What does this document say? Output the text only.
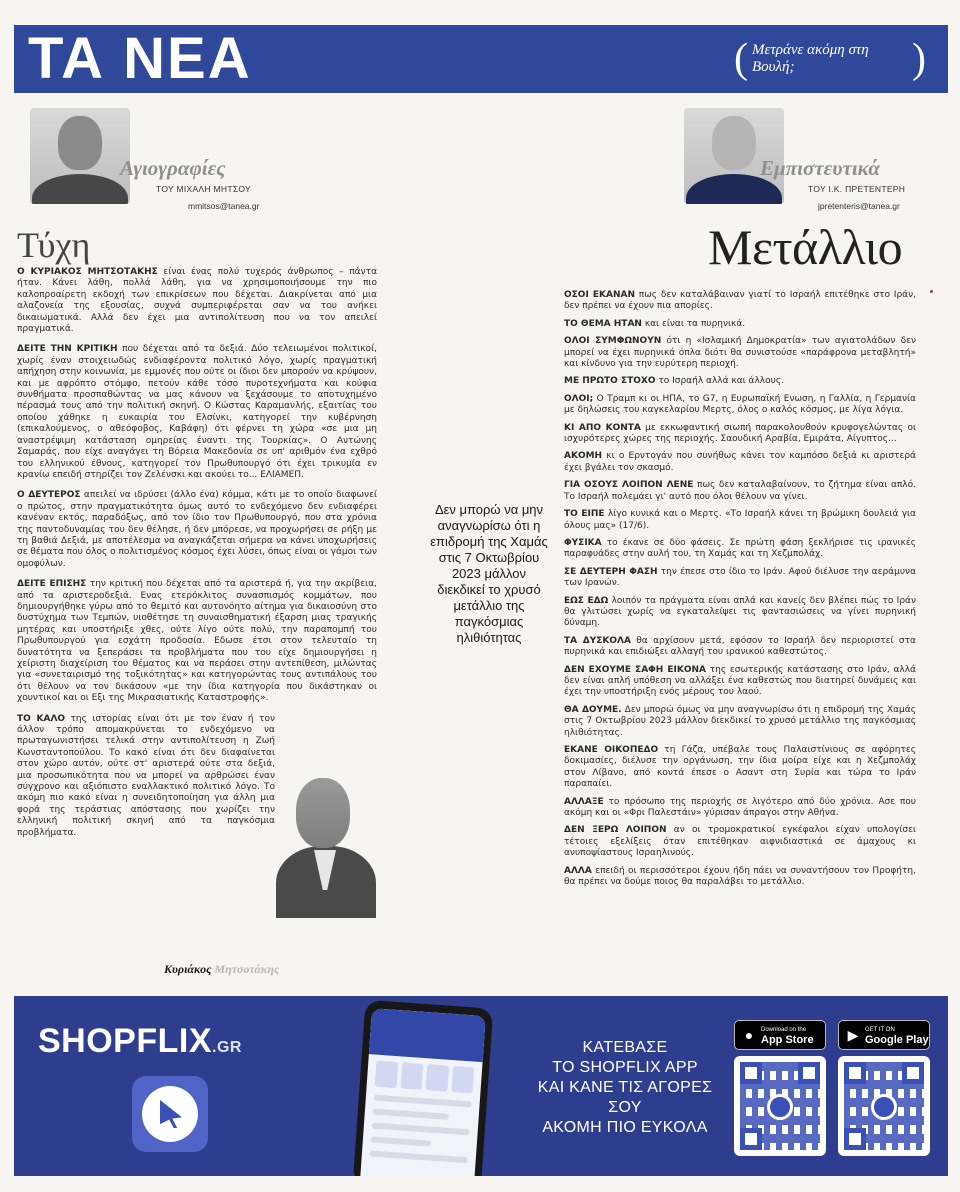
ΤΑ ΝΕΑ	( Μετράνε ακόμη στη Βουλή;	)
Αγιογραφίες
ΤΟΥ ΜΙΧΑΛΗ ΜΗΤΣΟΥ
mmitsos@tanea.gr
Τύχη

Ο ΚΥΡΙΑΚΟΣ ΜΗΤΣΟΤΑΚΗΣ είναι ένας πολύ τυχερός άνθρωπος – πάντα ήταν. Κάνει λάθη, πολλά λάθη, για να χρησιμοποιήσουμε την πιο καλοπροαίρετη εκδοχή των επικρίσεων που δέχεται. Διακρίνεται από μια αλαζονεία της εξουσίας, συχνά συμπεριφέρεται σαν να του ανήκει δικαιωματικά. Αλλά δεν έχει μια αντιπολίτευση που να τον απειλεί πραγματικά.

ΔΕΙΤΕ ΤΗΝ ΚΡΙΤΙΚΗ που δέχεται από τα δεξιά. Δύο τελειωμένοι πολιτικοί, χωρίς έναν στοιχειωδώς ενδιαφέροντα πολιτικό λόγο, χωρίς πραγματική απήχηση στην κοινωνία, με εμμονές που ούτε οι ίδιοι δεν μπορούν να κρύψουν, και με αφρόπτο στόμφο, πετούν κάθε τόσο πυροτεχνήματα και κούφια συνθήματα προσπαθώντας να μας κάνουν να ξεχάσουμε το αποτυχημένο πέρασμά τους από την πολιτική σκηνή. Ο Κώστας Καραμανλής, εξαιτίας του οποίου χάθηκε η ευκαιρία του Ελσίνκι, κατηγορεί την κυβέρνηση (επικαλούμενος, ο αθεόφοβος, Καβάφη) ότι φέρνει τη χώρα «σε μια μη αναστρέψιμη κατάσταση ομηρείας έναντι της Τουρκίας». Ο Αντώνης Σαμαράς, που είχε αναγάγει τη Βόρεια Μακεδονία σε υπ' αριθμόν ένα εχθρό του ελληνικού έθνους, κατηγορεί τον Πρωθυπουργό ότι έχει τρικυμία εν κρανίω επειδή στηρίζει τον Ζελένσκι και ακούει το... ΕΛΙΑΜΕΠ.

Ο ΔΕΥΤΕΡΟΣ απειλεί να ιδρύσει (άλλο ένα) κόμμα, κάτι με το οποίο διαφωνεί ο πρώτος, στην πραγματικότητα όμως αυτό το ενδεχόμενο δεν ενδιαφέρει κανέναν εκτός, παραδόξως, από τον ίδιο τον Πρωθυπουργό, που στα χρόνια της παντοδυναμίας του δεν θέλησε, ή δεν μπόρεσε, να προχωρήσει σε ρήξη με τη βαθιά Δεξιά, με αποτέλεσμα να αναγκάζεται σήμερα να κάνει υποχωρήσεις σε θέματα που όλος ο πολιτισμένος κόσμος έχει λύσει, όπως είναι οι γάμοι των ομοφύλων.

ΔΕΙΤΕ ΕΠΙΣΗΣ την κριτική που δέχεται από τα αριστερά ή, για την ακρίβεια, από τα αριστεροδεξιά. Ενας ετερόκλιτος συνασπισμός κομμάτων, που δημιουργήθηκε γύρω από το θεμιτό και αυτονόητο αίτημα για δικαιοσύνη στο δυστύχημα των Τεμπών, υιοθέτησε τη συναισθηματική έξαρση μιας τραγικής μητέρας και υποστήριξε χθες, ούτε λίγο ούτε πολύ, την παραπομπή του Πρωθυπουργού για εσχάτη προδοσία. Εδωσε έτσι στον τελευταίο τη δυνατότητα να ξεπεράσει τα προβλήματα που του είχε δημιουργήσει η χείριστη διαχείριση του θέματος και να περάσει στην αντεπίθεση, μιλώντας για «συνεταιρισμό της τοξικότητας» και κατηγορώντας τους αντιπάλους του ότι θέλουν να τον δικάσουν «με την ίδια κατηγορία που δικάστηκαν οι χουντικοί και οι Εξι της Μικρασιατικής Καταστροφής».

ΤΟ ΚΑΛΟ της ιστορίας είναι ότι με τον έναν ή τον άλλον τρόπο απομακρύνεται το ενδεχόμενο να πρωταγωνιστήσει τελικά στην αντιπολίτευση η Ζωή Κωνσταντοπούλου. Το κακό είναι ότι δεν διαφαίνεται στον χώρο αυτόν, ούτε στ' αριστερά ούτε στα δεξιά, μια προσωπικότητα που να μπορεί να αρθρώσει έναν σύγχρονο και αξιόπιστο εναλλακτικό πολιτικό λόγο. Το ακόμη πιο κακό είναι η συνειδητοποίηση για άλλη μια φορά της τεράστιας απόστασης που χωρίζει την ελληνική πολιτική σκηνή από τα παγκόσμια προβλήματα.

Κυριάκος Μητσοτάκης
Δεν μπορώ να μην αναγνωρίσω ότι η επιδρομή της Χαμάς στις 7 Οκτωβρίου 2023 μάλλον διεκδικεί το χρυσό μετάλλιο της παγκόσμιας ηλιθιότητας
Εμπιστευτικά
ΤΟΥ Ι.Κ. ΠΡΕΤΕΝΤΕΡΗ
jpretenteris@tanea.gr
Μετάλλιο

ΟΣΟΙ ΕΚΑΝΑΝ πως δεν καταλάβαιναν γιατί το Ισραήλ επιτέθηκε στο Ιράν, δεν πρέπει να έχουν πια απορίες.

ΤΟ ΘΕΜΑ ΗΤΑΝ και είναι τα πυρηνικά.

ΟΛΟΙ ΣΥΜΦΩΝΟΥΝ ότι η «Ισλαμική Δημοκρατία» των αγιατολάδων δεν μπορεί να έχει πυρηνικά όπλα διότι θα συνιστούσε «παράφρονα μεταβλητή» και κίνδυνο για την ευρύτερη περιοχή.

ΜΕ ΠΡΩΤΟ ΣΤΟΧΟ το Ισραήλ αλλά και άλλους.

ΟΛΟΙ; Ο Τραμπ κι οι ΗΠΑ, το G7, η Ευρωπαϊκή Ενωση, η Γαλλία, η Γερμανία με δηλώσεις του καγκελαρίου Μερτς, όλος ο καλός κόσμος, με λίγα λόγια.

ΚΙ ΑΠΟ ΚΟΝΤΑ με εκκωφαντική σιωπή παρακολουθούν κρυφογελώντας οι ισχυρότερες χώρες της περιοχής. Σαουδική Αραβία, Εμιράτα, Αίγυπτος...

ΑΚΟΜΗ κι ο Ερντογάν που συνήθως κάνει τον καμπόσο δεξιά κι αριστερά έχει βγάλει τον σκασμό.

ΓΙΑ ΟΣΟΥΣ ΛΟΙΠΟΝ ΛΕΝΕ πως δεν καταλαβαίνουν, το ζήτημα είναι απλό. Το Ισραήλ πολεμάει γι' αυτό που όλοι θέλουν να γίνει.

ΤΟ ΕΙΠΕ λίγο κυνικά και ο Μερτς. «Το Ισραήλ κάνει τη βρώμικη δουλειά για όλους μας» (17/6).

ΦΥΣΙΚΑ το έκανε σε δύο φάσεις. Σε πρώτη φάση ξεκλήρισε τις ιρανικές παραφυάδες στην αυλή του, τη Χαμάς και τη Χεζμπολάχ.

ΣΕ ΔΕΥΤΕΡΗ ΦΑΣΗ την έπεσε στο ίδιο το Ιράν. Αφού διέλυσε την αεράμυνα των Ιρανών.

ΕΩΣ ΕΔΩ λοιπόν τα πράγματα είναι απλά και κανείς δεν βλέπει πώς το Ιράν θα γλιτώσει χωρίς να εγκαταλείψει τις φαντασιώσεις να γίνει πυρηνική δύναμη.

ΤΑ ΔΥΣΚΟΛΑ θα αρχίσουν μετά, εφόσον το Ισραήλ δεν περιοριστεί στα πυρηνικά και επιδιώξει αλλαγή του ιρανικού καθεστώτος.

ΔΕΝ ΕΧΟΥΜΕ ΣΑΦΗ ΕΙΚΟΝΑ της εσωτερικής κατάστασης στο Ιράν, αλλά δεν είναι απλή υπόθεση να αλλάξει ένα καθεστώς που διατηρεί δυνάμεις και έχει την υποστήριξη ενός μέρους του λαού.

ΘΑ ΔΟΥΜΕ. Δεν μπορώ όμως να μην αναγνωρίσω ότι η επιδρομή της Χαμάς στις 7 Οκτωβρίου 2023 μάλλον διεκδικεί το χρυσό μετάλλιο της παγκόσμιας ηλιθιότητας.

ΕΚΑΝΕ ΟΙΚΟΠΕΔΟ τη Γάζα, υπέβαλε τους Παλαιστίνιους σε αφόρητες δοκιμασίες, διέλυσε την οργάνωση, την ίδια μοίρα είχε και η Χεζμπολάχ στον Λίβανο, από κοντά έπεσε ο Ασαντ στη Συρία και τώρα το Ιράν παραπαίει.

ΑΛΛΑΞΕ το πρόσωπο της περιοχής σε λιγότερο από δύο χρόνια. Ασε που ακόμη και οι «Φρι Παλεστάιν» γύρισαν άπραγοι στην Αθήνα.

ΔΕΝ ΞΕΡΩ ΛΟΙΠΟΝ αν οι τρομοκρατικοί εγκέφαλοι είχαν υπολογίσει τέτοιες εξελίξεις όταν επιτέθηκαν αιφνιδιαστικά σε άμαχους κι ανυποψίαστους Ισραηλινούς.

ΑΛΛΑ επειδή οι περισσότεροι έχουν ήδη πάει να συναντήσουν τον Προφήτη, θα πρέπει να δούμε ποιος θα παραλάβει το μετάλλιο.

SHOPFLIX.GR	ΚΑΤΕΒΑΣΕ
ΤΟ SHOPFLIX APP
ΚΑΙ ΚΑΝΕ ΤΙΣ ΑΓΟΡΕΣ ΣΟΥ
ΑΚΟΜΗ ΠΙΟ ΕΥΚΟΛΑ
●	Download on the
App Store ▶	GET IT ON
Google Play
